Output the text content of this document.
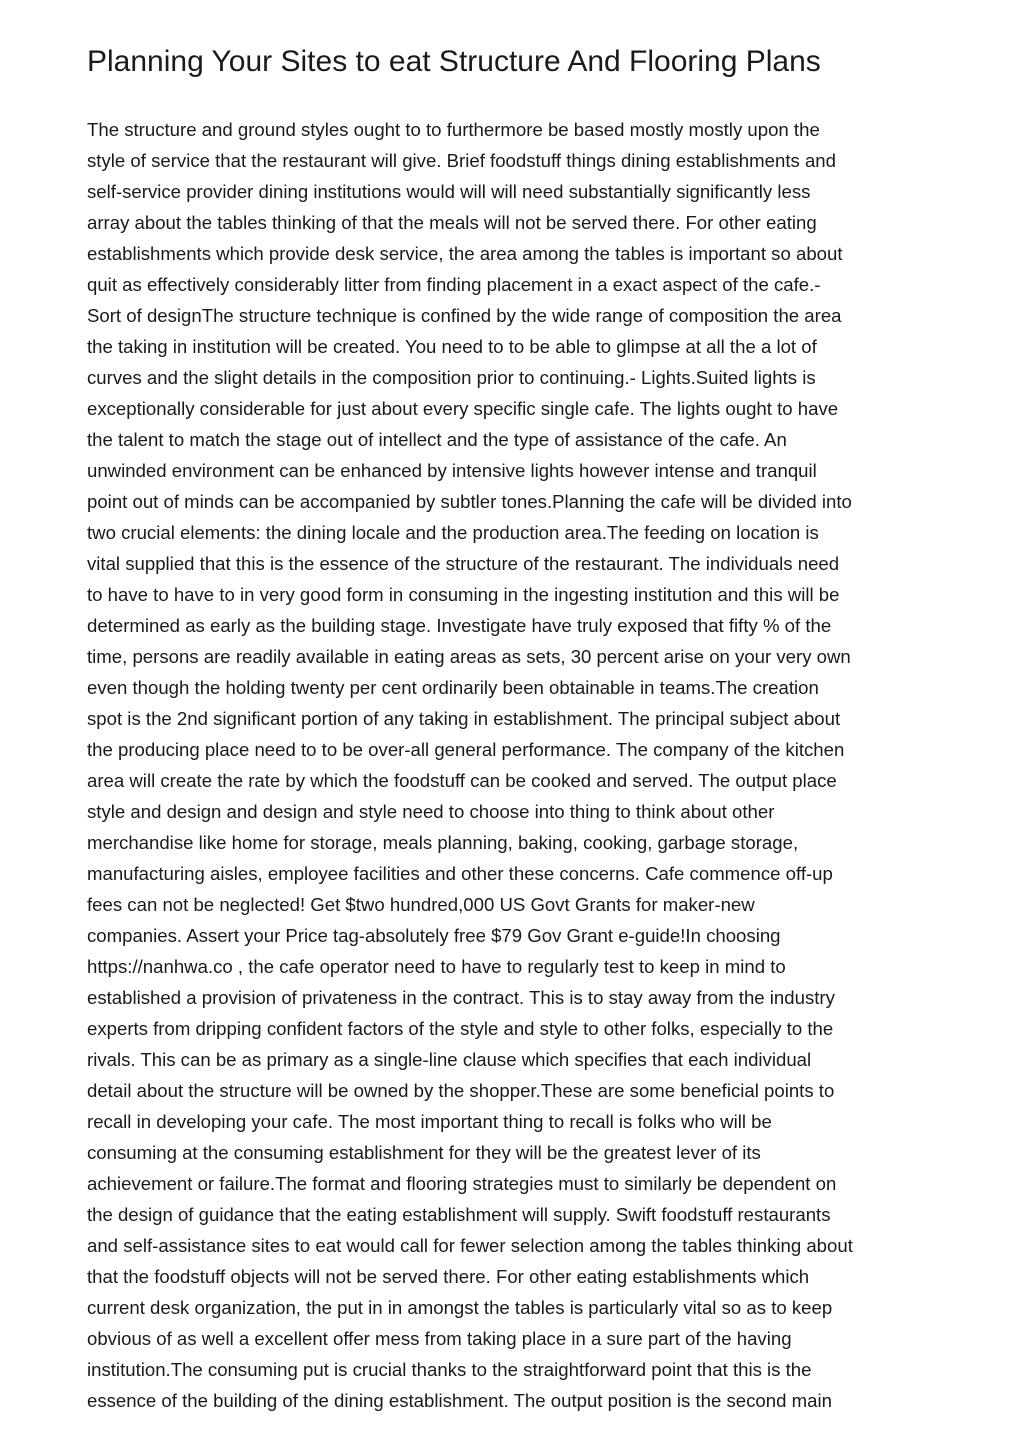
Planning Your Sites to eat Structure And Flooring Plans
The structure and ground styles ought to to furthermore be based mostly mostly upon the
style of service that the restaurant will give. Brief foodstuff things dining establishments and
self-service provider dining institutions would will will need substantially significantly less
array about the tables thinking of that the meals will not be served there. For other eating
establishments which provide desk service, the area among the tables is important so about
quit as effectively considerably litter from finding placement in a exact aspect of the cafe.-
Sort of designThe structure technique is confined by the wide range of composition the area
the taking in institution will be created. You need to to be able to glimpse at all the a lot of
curves and the slight details in the composition prior to continuing.- Lights.Suited lights is
exceptionally considerable for just about every specific single cafe. The lights ought to have
the talent to match the stage out of intellect and the type of assistance of the cafe. An
unwinded environment can be enhanced by intensive lights however intense and tranquil
point out of minds can be accompanied by subtler tones.Planning the cafe will be divided into
two crucial elements: the dining locale and the production area.The feeding on location is
vital supplied that this is the essence of the structure of the restaurant. The individuals need
to have to have to in very good form in consuming in the ingesting institution and this will be
determined as early as the building stage. Investigate have truly exposed that fifty % of the
time, persons are readily available in eating areas as sets, 30 percent arise on your very own
even though the holding twenty per cent ordinarily been obtainable in teams.The creation
spot is the 2nd significant portion of any taking in establishment. The principal subject about
the producing place need to to be over-all general performance. The company of the kitchen
area will create the rate by which the foodstuff can be cooked and served. The output place
style and design and design and style need to choose into thing to think about other
merchandise like home for storage, meals planning, baking, cooking, garbage storage,
manufacturing aisles, employee facilities and other these concerns. Cafe commence off-up
fees can not be neglected! Get $two hundred,000 US Govt Grants for maker-new
companies. Assert your Price tag-absolutely free $79 Gov Grant e-guide!In choosing
https://nanhwa.co , the cafe operator need to have to regularly test to keep in mind to
established a provision of privateness in the contract. This is to stay away from the industry
experts from dripping confident factors of the style and style to other folks, especially to the
rivals. This can be as primary as a single-line clause which specifies that each individual
detail about the structure will be owned by the shopper.These are some beneficial points to
recall in developing your cafe. The most important thing to recall is folks who will be
consuming at the consuming establishment for they will be the greatest lever of its
achievement or failure.The format and flooring strategies must to similarly be dependent on
the design of guidance that the eating establishment will supply. Swift foodstuff restaurants
and self-assistance sites to eat would call for fewer selection among the tables thinking about
that the foodstuff objects will not be served there. For other eating establishments which
current desk organization, the put in in amongst the tables is particularly vital so as to keep
obvious of as well a excellent offer mess from taking place in a sure part of the having
institution.The consuming put is crucial thanks to the straightforward point that this is the
essence of the building of the dining establishment. The output position is the second main
